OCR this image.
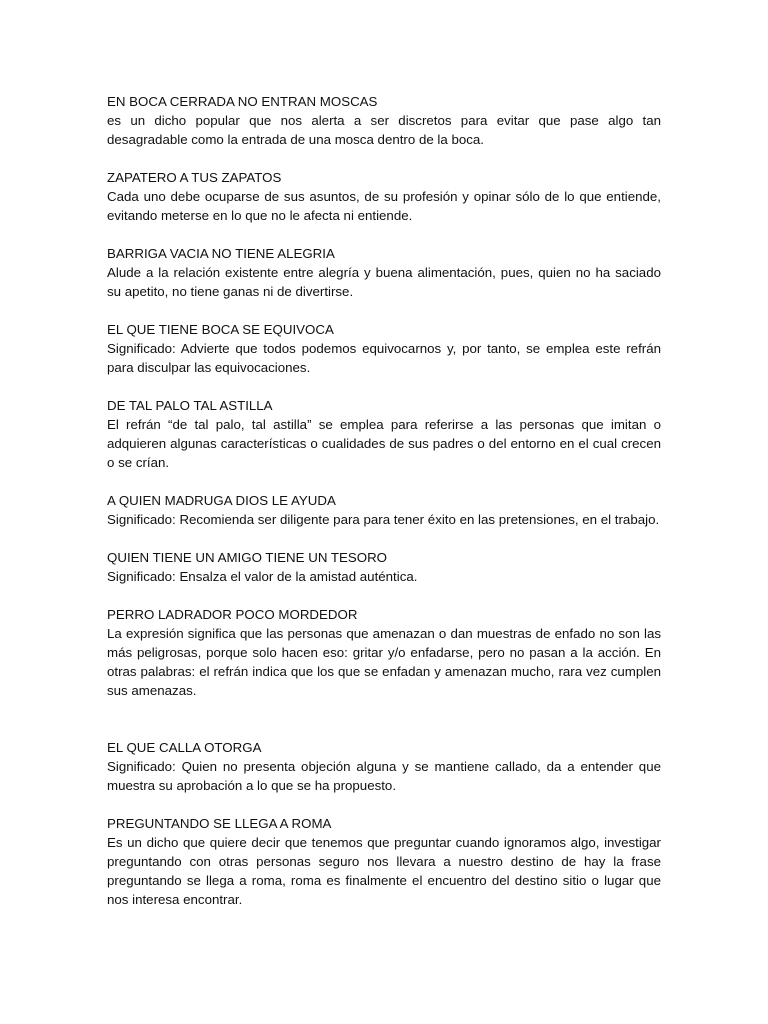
EN BOCA CERRADA NO ENTRAN MOSCAS

es un dicho popular que nos alerta a ser discretos para evitar que pase algo tan desagradable como la entrada de una mosca dentro de la boca.

ZAPATERO A TUS ZAPATOS

Cada uno debe ocuparse de sus asuntos, de su profesión y opinar sólo de lo que entiende, evitando meterse en lo que no le afecta ni entiende.

BARRIGA VACIA NO TIENE ALEGRIA

Alude a la relación existente entre alegría y buena alimentación, pues, quien no ha saciado su apetito, no tiene ganas ni de divertirse.

EL QUE TIENE BOCA SE EQUIVOCA

Significado: Advierte que todos podemos equivocarnos y, por tanto, se emplea este refrán para disculpar las equivocaciones.

DE TAL PALO TAL ASTILLA

El refrán “de tal palo, tal astilla” se emplea para referirse a las personas que imitan o adquieren algunas características o cualidades de sus padres o del entorno en el cual crecen o se crían.

A QUIEN MADRUGA DIOS LE AYUDA

Significado: Recomienda ser diligente para para tener éxito en las pretensiones, en el trabajo.

QUIEN TIENE UN AMIGO TIENE UN TESORO

Significado: Ensalza el valor de la amistad auténtica.

PERRO LADRADOR POCO MORDEDOR

La expresión significa que las personas que amenazan o dan muestras de enfado no son las más peligrosas, porque solo hacen eso: gritar y/o enfadarse, pero no pasan a la acción. En otras palabras: el refrán indica que los que se enfadan y amenazan mucho, rara vez cumplen sus amenazas.

EL QUE CALLA OTORGA

Significado: Quien no presenta objeción alguna y se mantiene callado, da a entender que muestra su aprobación a lo que se ha propuesto.

PREGUNTANDO SE LLEGA A ROMA

Es un dicho que quiere decir que tenemos que preguntar cuando ignoramos algo, investigar preguntando con otras personas seguro nos llevara a nuestro destino de hay la frase preguntando se llega a roma, roma es finalmente el encuentro del destino sitio o lugar que nos interesa encontrar.
